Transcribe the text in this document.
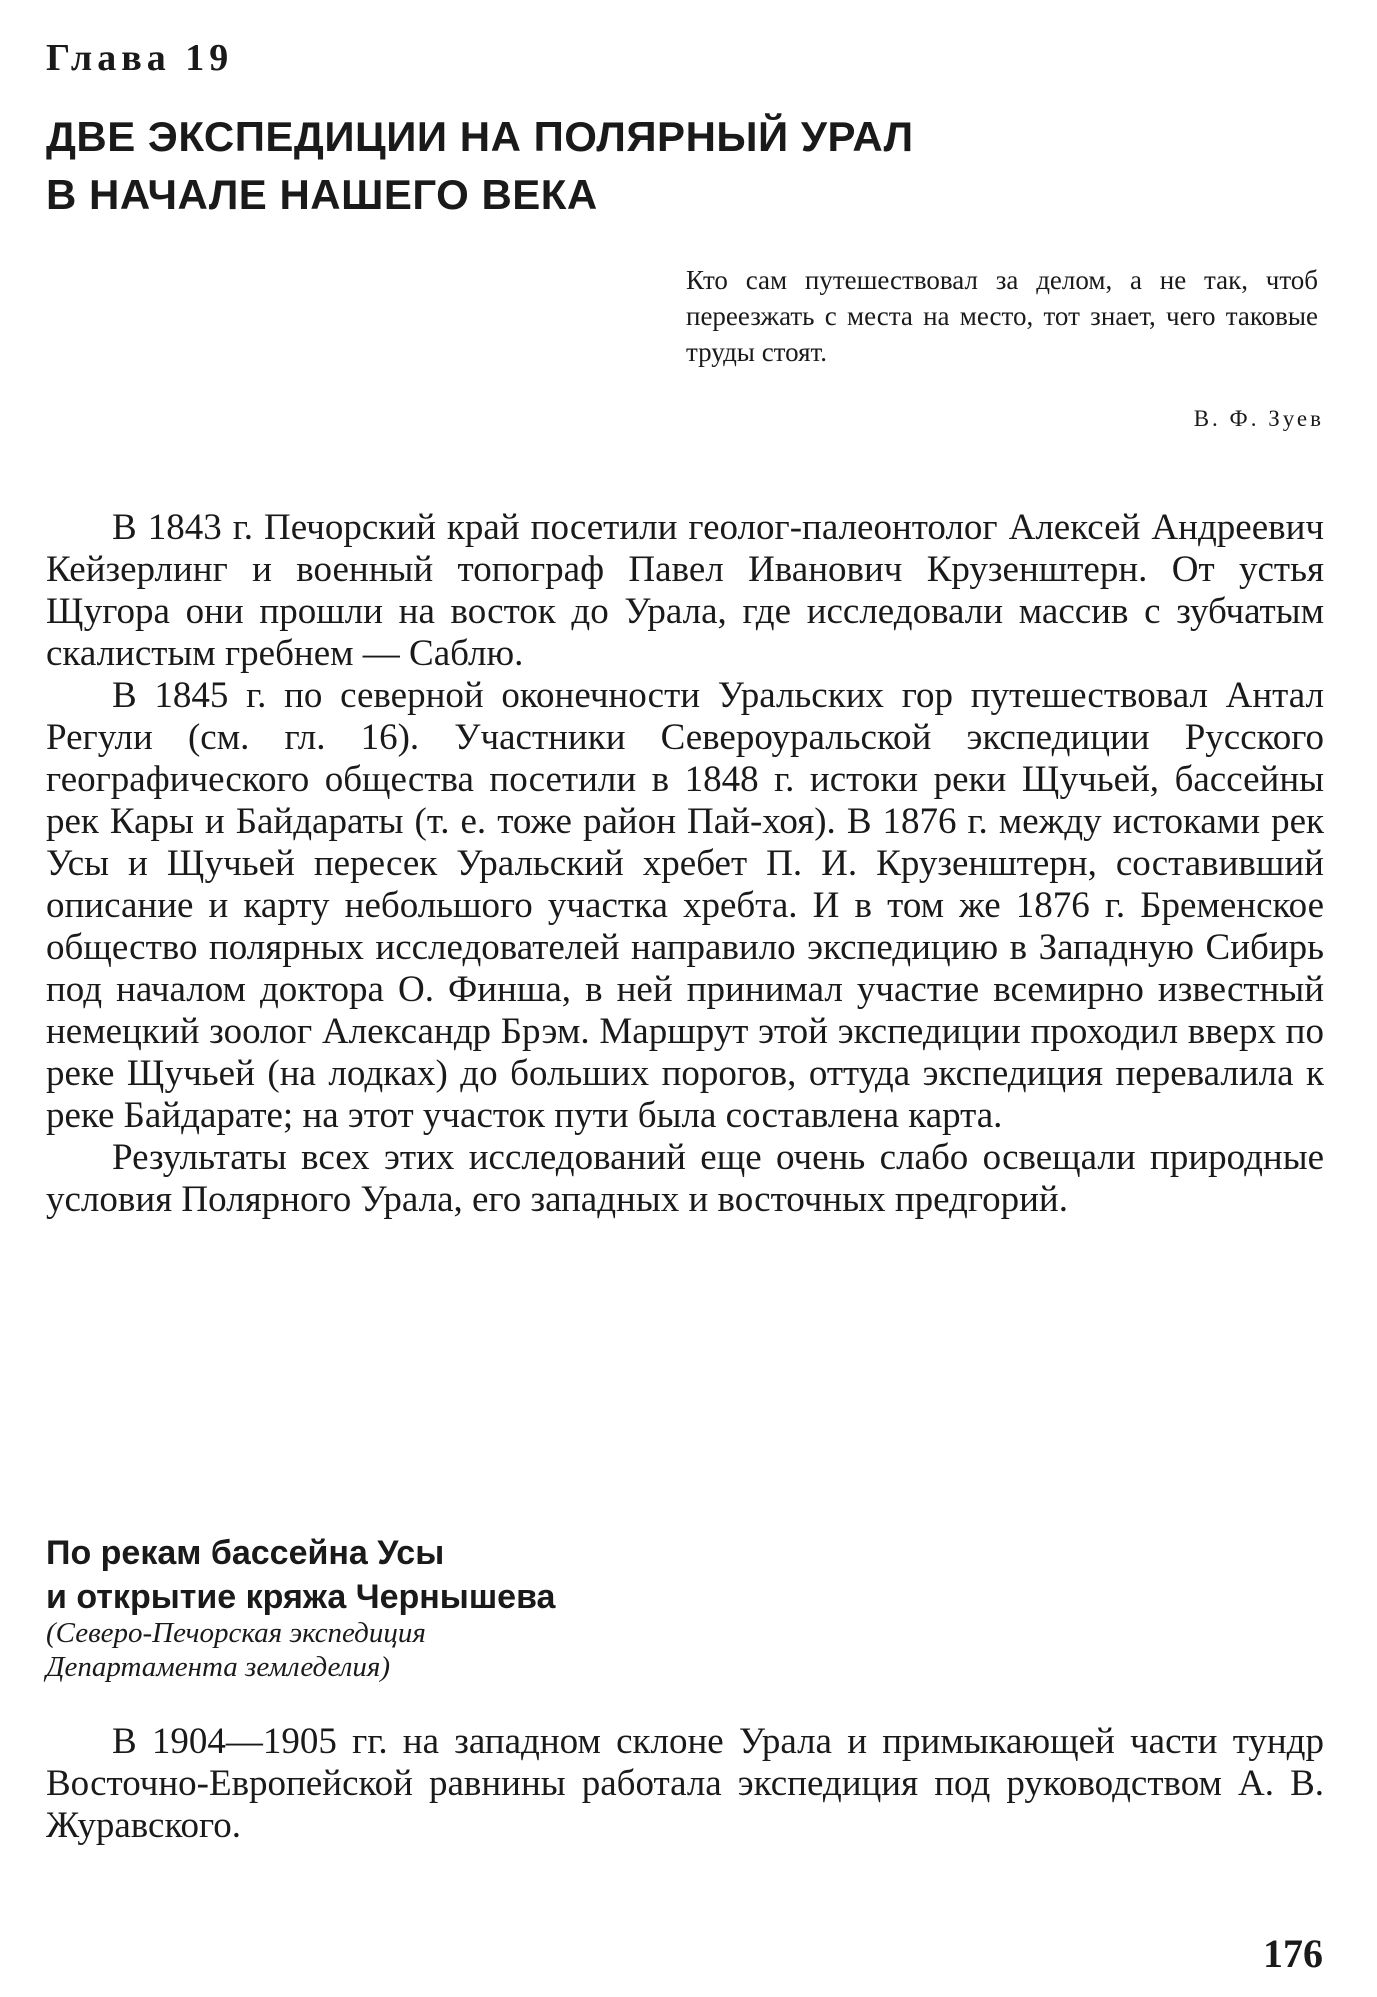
Глава 19
ДВЕ ЭКСПЕДИЦИИ НА ПОЛЯРНЫЙ УРАЛ
В НАЧАЛЕ НАШЕГО ВЕКА
Кто сам путешествовал за делом, а не так, чтоб переезжать с места на место, тот знает, чего таковые труды стоят.
В. Ф. Зуев

В 1843 г. Печорский край посетили геолог-палеонтолог Алексей Андреевич Кейзерлинг и военный топограф Павел Иванович Крузенштерн. От устья Щугора они прошли на восток до Урала, где исследовали массив с зубчатым скалистым гребнем — Саблю.

В 1845 г. по северной оконечности Уральских гор путешествовал Антал Регули (см. гл. 16). Участники Североуральской экспедиции Русского географического общества посетили в 1848 г. истоки реки Щучьей, бассейны рек Кары и Байдараты (т. е. тоже район Пай-хоя). В 1876 г. между истоками рек Усы и Щучьей пересек Уральский хребет П. И. Крузенштерн, составивший описание и карту небольшого участка хребта. И в том же 1876 г. Бременское общество полярных исследователей направило экспедицию в Западную Сибирь под началом доктора О. Финша, в ней принимал участие всемирно известный немецкий зоолог Александр Брэм. Маршрут этой экспедиции проходил вверх по реке Щучьей (на лодках) до больших порогов, оттуда экспедиция перевалила к реке Байдарате; на этот участок пути была составлена карта.

Результаты всех этих исследований еще очень слабо освещали природные условия Полярного Урала, его западных и восточных предгорий.

По рекам бассейна Усы
и открытие кряжа Чернышева
(Северо-Печорская экспедиция
Департамента земледелия)

В 1904—1905 гг. на западном склоне Урала и примыкающей части тундр Восточно-Европейской равнины работала экспедиция под руководством А. В. Журавского.

176
